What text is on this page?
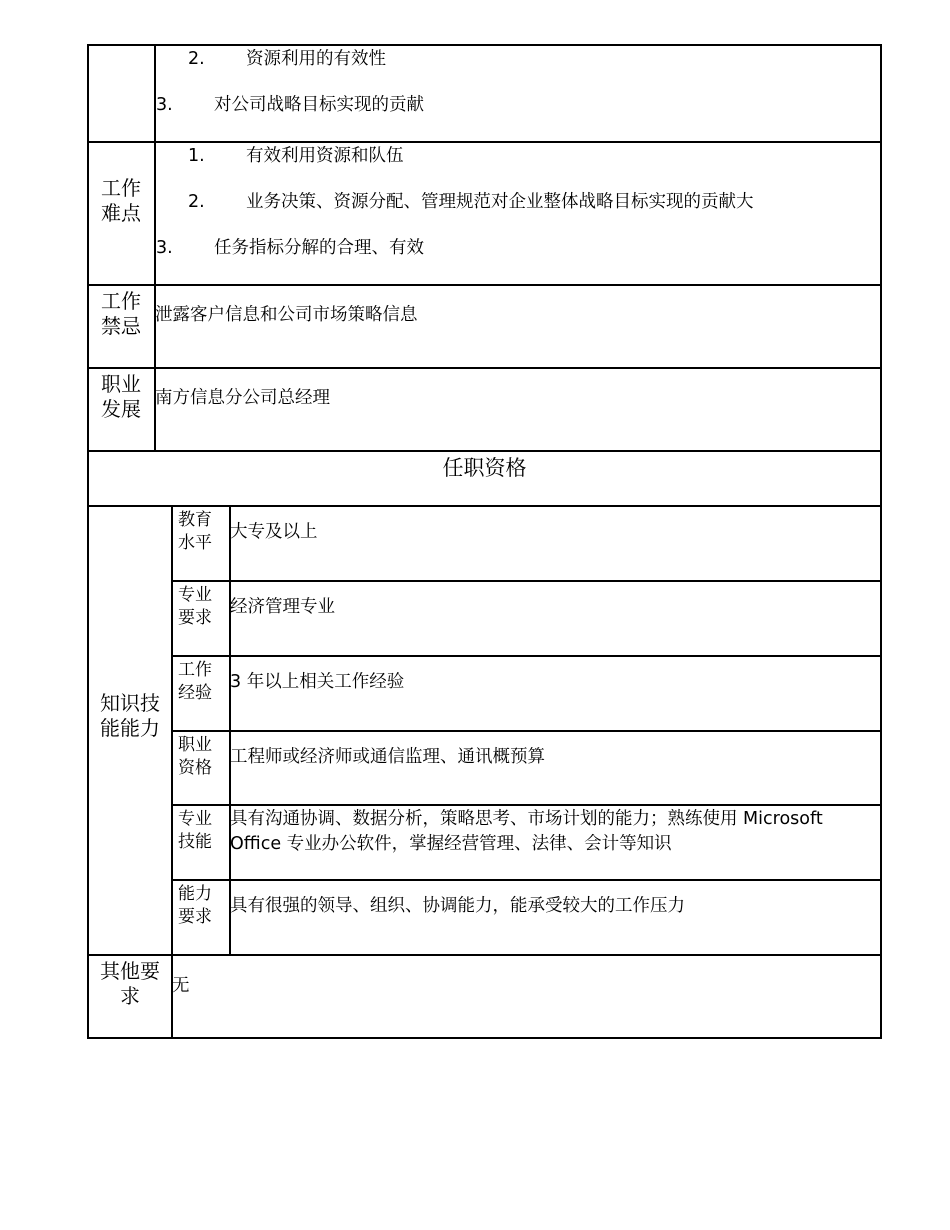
2. 资源利用的有效性
3. 对公司战略目标实现的贡献
工作难点
1. 有效利用资源和队伍
2. 业务决策、资源分配、管理规范对企业整体战略目标实现的贡献大
3. 任务指标分解的合理、有效
工作禁忌 泄露客户信息和公司市场策略信息
职业发展 南方信息分公司总经理
任职资格
知识技能能力
教育水平
大专及以上
专业要求
经济管理专业
工作经验
3 年以上相关工作经验
职业资格
工程师或经济师或通信监理、通讯概预算
专业技能
具有沟通协调、数据分析，策略思考、市场计划的能力；熟练使用 Microsoft
Office 专业办公软件，掌握经营管理、法律、会计等知识
能力要求
具有很强的领导、组织、协调能力，能承受较大的工作压力
其他要求	无
